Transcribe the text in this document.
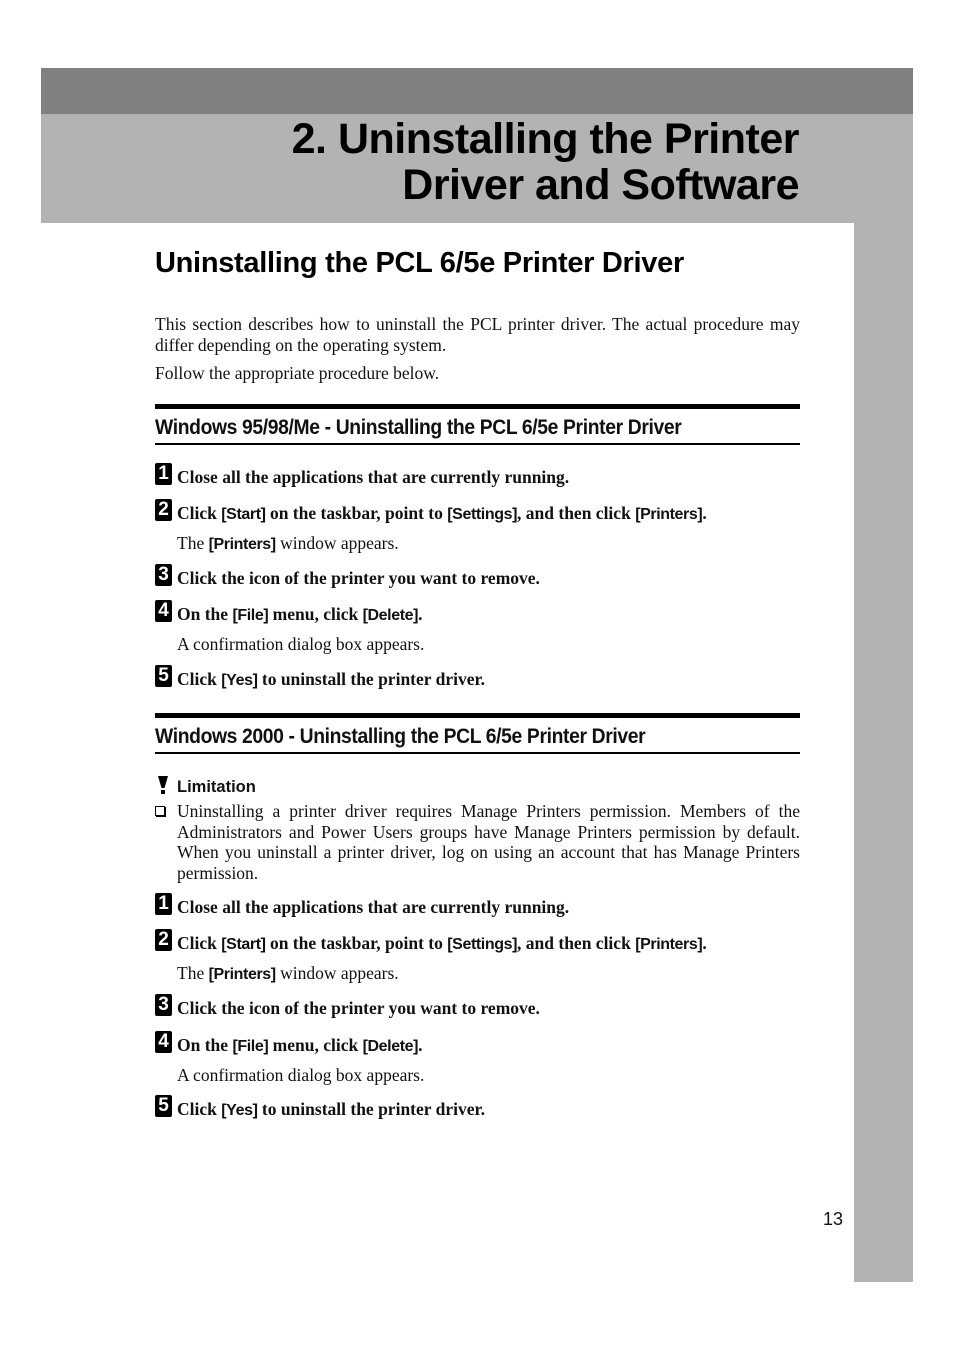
2. Uninstalling the Printer
Driver and Software
Uninstalling the PCL 6/5e Printer Driver

This section describes how to uninstall the PCL printer driver. The actual procedure may differ depending on the operating system.

Follow the appropriate procedure below.

Windows 95/98/Me - Uninstalling the PCL 6/5e Printer Driver
1 Close all the applications that are currently running.
2 Click [Start] on the taskbar, point to [Settings], and then click [Printers].
The [Printers] window appears.
3 Click the icon of the printer you want to remove.
4 On the [File] menu, click [Delete].
A confirmation dialog box appears.
5 Click [Yes] to uninstall the printer driver.
Windows 2000 - Uninstalling the PCL 6/5e Printer Driver

Limitation

Uninstalling a printer driver requires Manage Printers permission. Members of the Administrators and Power Users groups have Manage Printers permission by default. When you uninstall a printer driver, log on using an account that has Manage Printers permission.

1 Close all the applications that are currently running.
2 Click [Start] on the taskbar, point to [Settings], and then click [Printers].
The [Printers] window appears.
3 Click the icon of the printer you want to remove.
4 On the [File] menu, click [Delete].
A confirmation dialog box appears.
5 Click [Yes] to uninstall the printer driver.

13
